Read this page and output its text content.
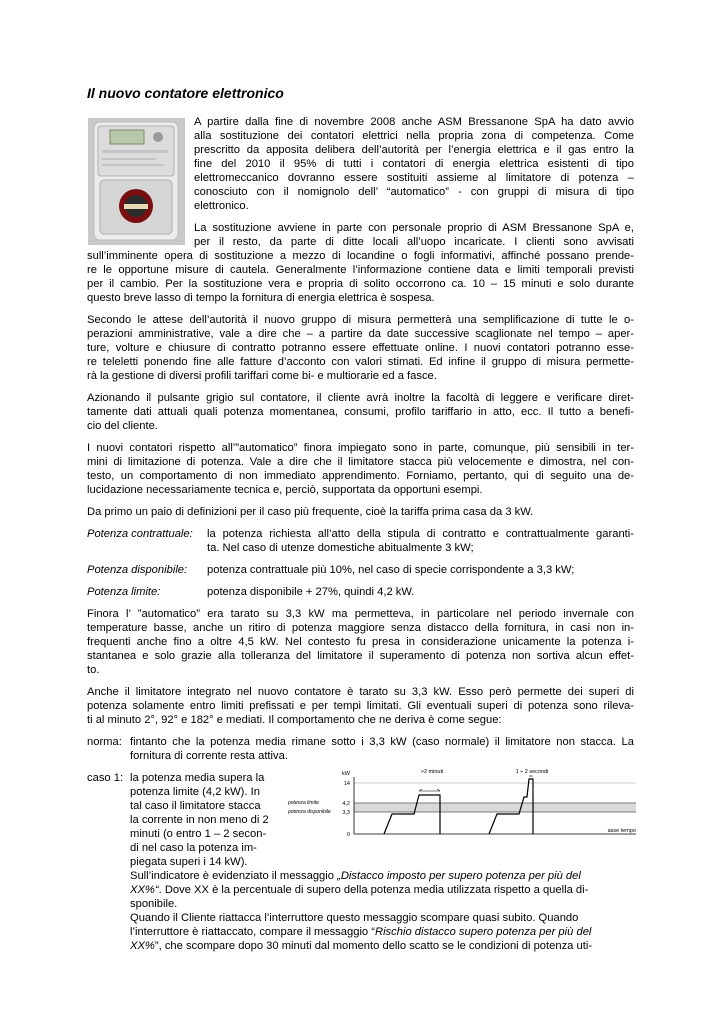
Il nuovo contatore elettronico
A partire dalla fine di novembre 2008 anche ASM Bressanone SpA ha dato avvio
alla sostituzione dei contatori elettrici nella propria zona di competenza. Come
prescritto da apposita delibera dell’autorità per l’energia elettrica e il gas entro la
fine del 2010 il 95% di tutti i contatori di energia elettrica esistenti di tipo
elettromeccanico dovranno essere sostituiti assieme al limitatore di potenza –
conosciuto con il nomignolo dell’ “automatico” - con gruppi di misura di tipo
elettronico.
La sostituzione avviene in parte con personale proprio di ASM Bressanone SpA e,
per il resto, da parte di ditte locali all’uopo incaricate. I clienti sono avvisati
sull’imminente opera di sostituzione a mezzo di locandine o fogli informativi, affinché possano prende-
re le opportune misure di cautela. Generalmente l’informazione contiene data e limiti temporali previsti
per il cambio. Per la sostituzione vera e propria di solito occorrono ca. 10 – 15 minuti e solo durante
questo breve lasso di tempo la fornitura di energia elettrica è sospesa.
Secondo le attese dell’autorità il nuovo gruppo di misura permetterà una semplificazione di tutte le o-
perazioni amministrative, vale a dire che – a partire da date successive scaglionate nel tempo – aper-
ture, volture e chiusure di contratto potranno essere effettuate online. I nuovi contatori potranno esse-
re teleletti ponendo fine alle fatture d’acconto con valori stimati. Ed infine il gruppo di misura permette-
rà la gestione di diversi profili tariffari come bi- e multiorarie ed a fasce.
Azionando il pulsante grigio sul contatore, il cliente avrà inoltre la facoltà di leggere e verificare diret-
tamente dati attuali quali potenza momentanea, consumi, profilo tariffario in atto, ecc. Il tutto a benefi-
cio del cliente.
I nuovi contatori rispetto all’”automatico” finora impiegato sono in parte, comunque, più sensibili in ter-
mini di limitazione di potenza. Vale a dire che il limitatore stacca più velocemente e dimostra, nel con-
testo, un comportamento di non immediato apprendimento. Forniamo, pertanto, qui di seguito una de-
lucidazione necessariamente tecnica e, perciò, supportata da opportuni esempi.
Da primo un paio di definizioni per il caso più frequente, cioè la tariffa prima casa da 3 kW.
Potenza contrattuale: la potenza richiesta all’atto della stipula di contratto e contrattualmente garanti-
ta. Nel caso di utenze domestiche abitualmente 3 kW;
Potenza disponibile: potenza contrattuale più 10%, nel caso di specie corrispondente a 3,3 kW;
Potenza limite:	potenza disponibile + 27%, quindi 4,2 kW.
Finora l’ ”automatico” era tarato su 3,3 kW ma permetteva, in particolare nel periodo invernale con
temperature basse, anche un ritiro di potenza maggiore senza distacco della fornitura, in casi non in-
frequenti anche fino a oltre 4,5 kW. Nel contesto fu presa in considerazione unicamente la potenza i-
stantanea e solo grazie alla tolleranza del limitatore il superamento di potenza non sortiva alcun effet-
to.
Anche il limitatore integrato nel nuovo contatore è tarato su 3,3 kW. Esso però permette dei superi di
potenza solamente entro limiti prefissati e per tempi limitati. Gli eventuali superi di potenza sono rileva-
ti al minuto 2°, 92° e 182° e mediati. Il comportamento che ne deriva è come segue:
norma: fintanto che la potenza media rimane sotto i 3,3 kW (caso normale) il limitatore non stacca. La
fornitura di corrente resta attiva.
caso 1: la potenza media supera la
potenza limite (4,2 kW). In
tal caso il limitatore stacca
la corrente in non meno di 2
minuti (o entro 1 – 2 secon-
di nel caso la potenza im-
piegata superi i 14 kW).
Sull’indicatore è evidenziato il messaggio „Distacco imposto per supero potenza per più del
XX%“. Dove XX è la percentuale di supero della potenza media utilizzata rispetto a quella di-
sponibile.
Quando il Cliente riattacca l’interruttore questo messaggio scompare quasi subito. Quando
l’interruttore è riattaccato, compare il messaggio “Rischio distacco supero potenza per più del
XX%”, che scompare dopo 30 minuti dal momento dello scatto se le condizioni di potenza uti-
kW
14
4,2
3,3
0
asse tempo
potenza limite
potenza disponibile
>2 minuti	1 ÷ 2 secondi
